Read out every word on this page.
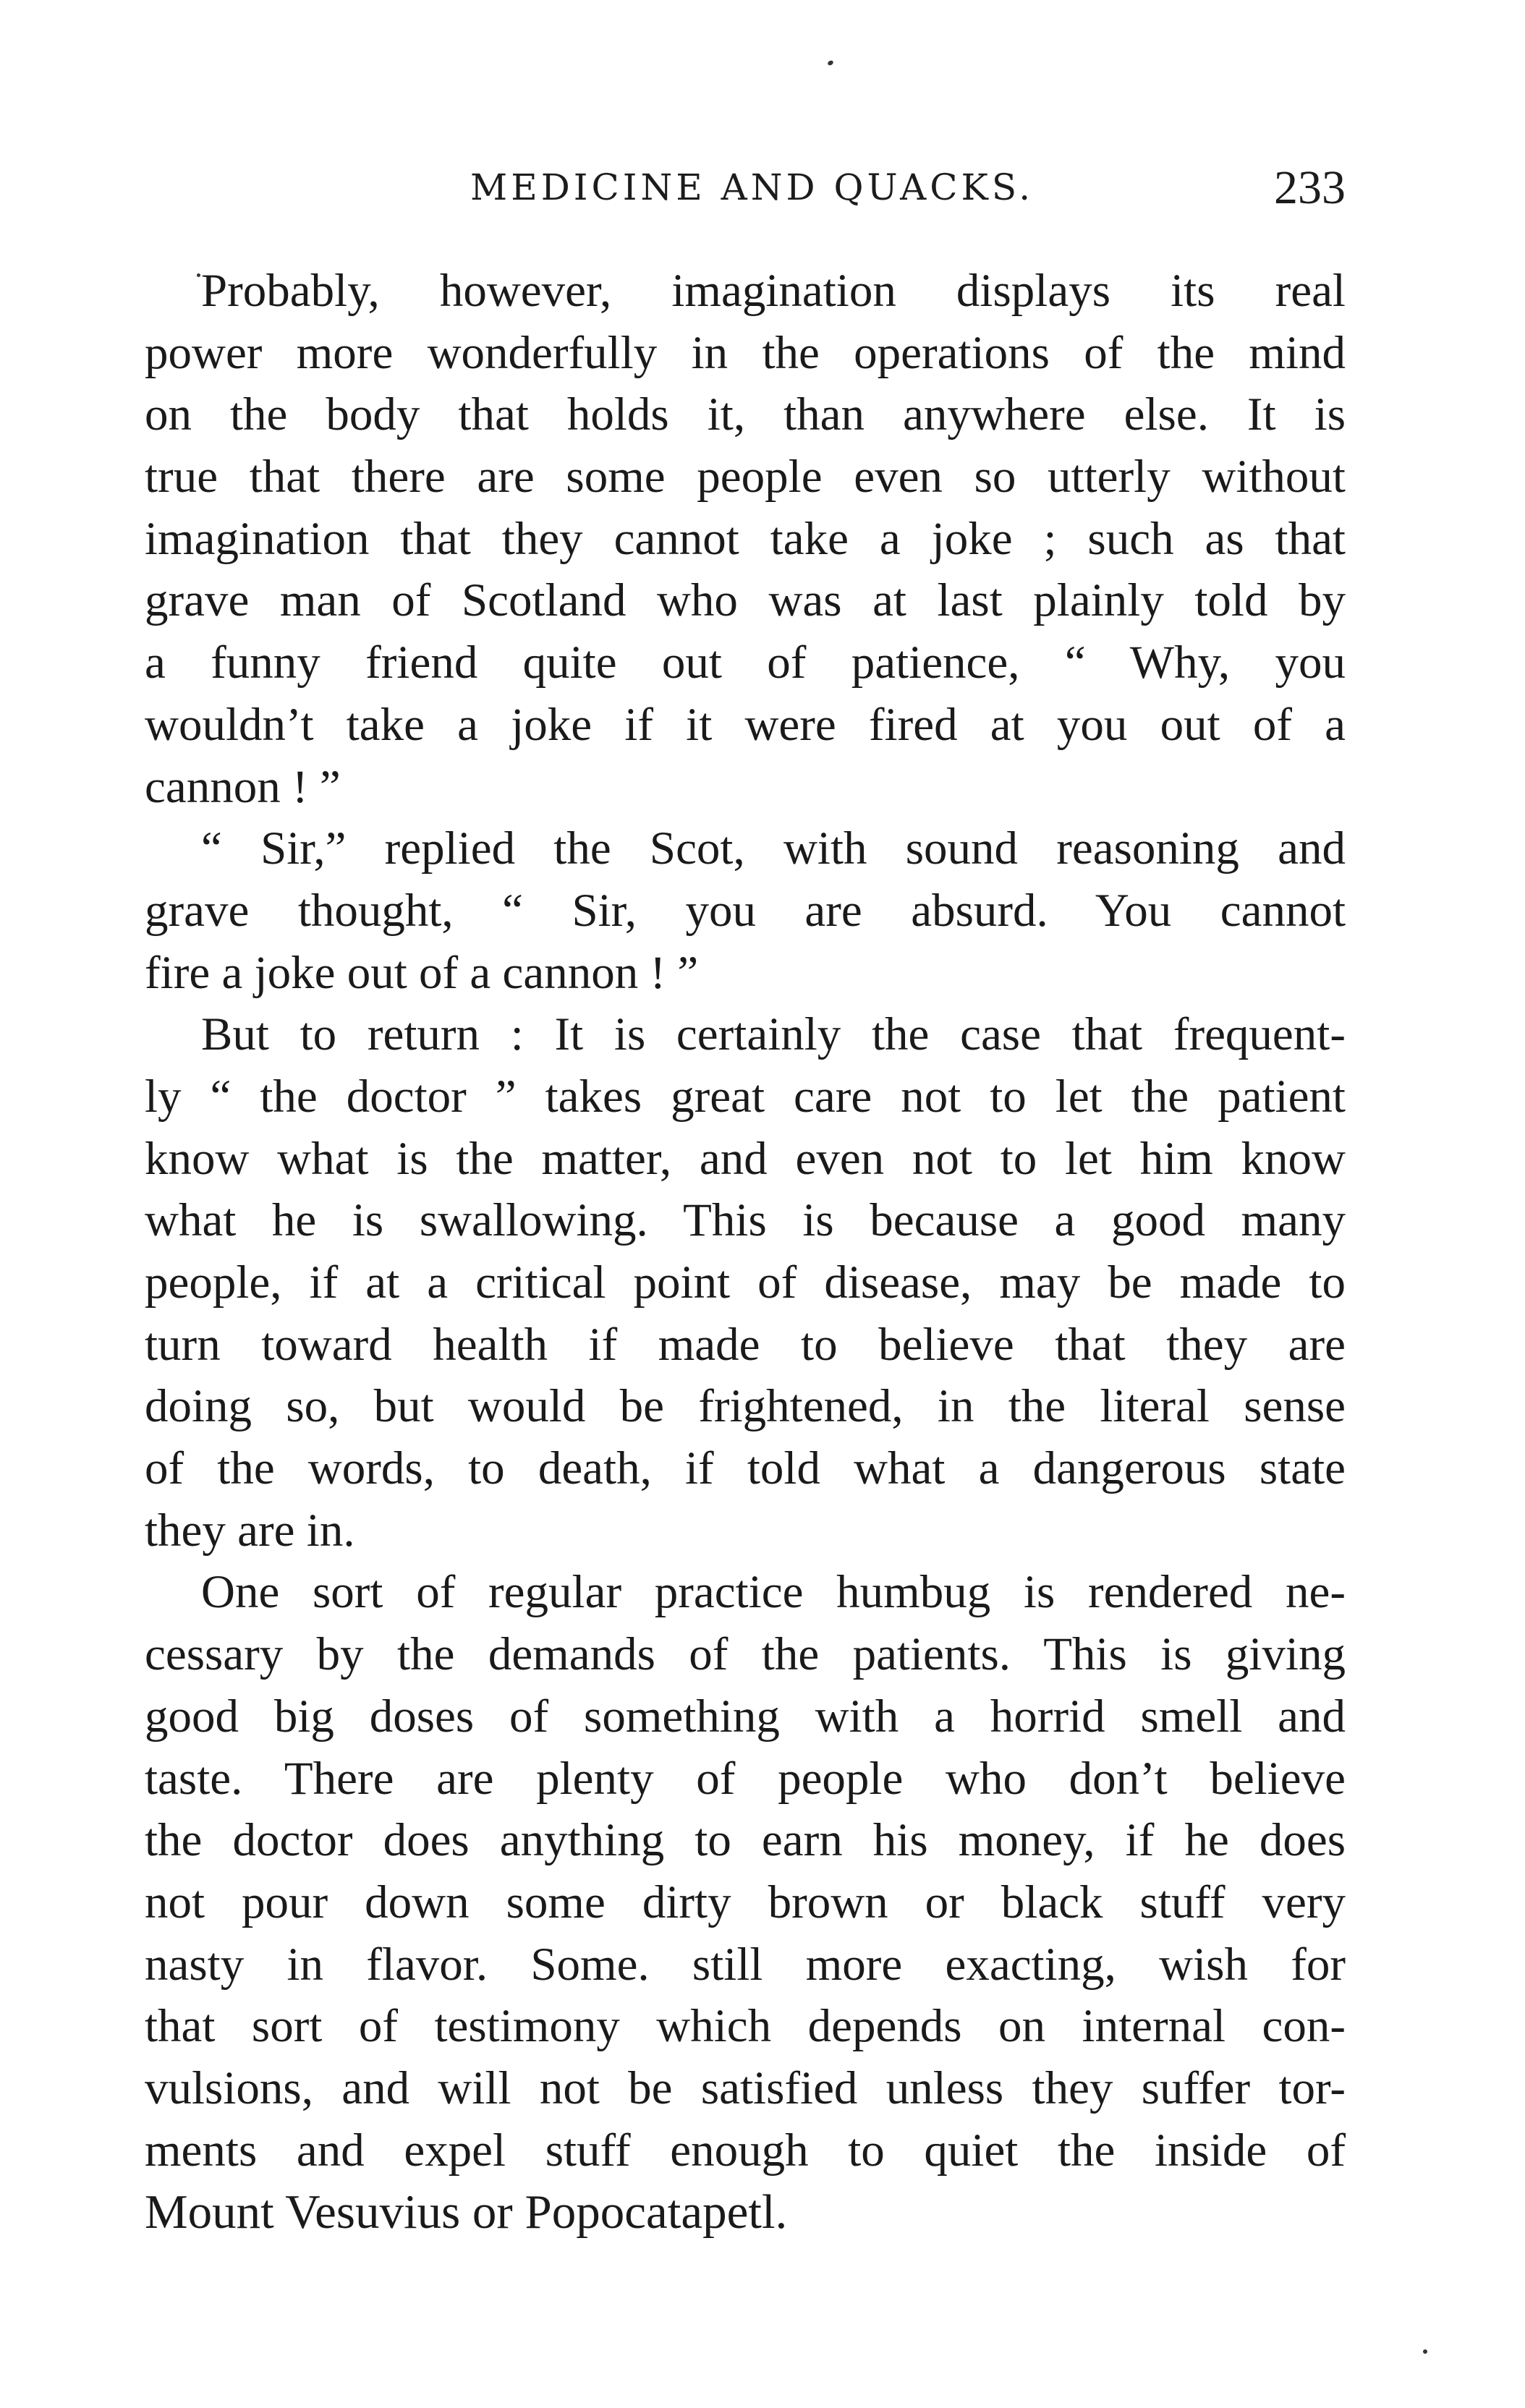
MEDICINE AND QUACKS.	233
Probably, however, imagination displays its real
power more wonderfully in the operations of the mind
on the body that holds it, than anywhere else. It is
true that there are some people even so utterly without
imagination that they cannot take a joke ; such as that
grave man of Scotland who was at last plainly told by
a funny friend quite out of patience, “ Why, you
wouldn’t take a joke if it were fired at you out of a
cannon ! ”
“ Sir,” replied the Scot, with sound reasoning and
grave thought, “ Sir, you are absurd. You cannot
fire a joke out of a cannon ! ”
But to return : It is certainly the case that frequent-
ly “ the doctor ” takes great care not to let the patient
know what is the matter, and even not to let him know
what he is swallowing. This is because a good many
people, if at a critical point of disease, may be made to
turn toward health if made to believe that they are
doing so, but would be frightened, in the literal sense
of the words, to death, if told what a dangerous state
they are in.
One sort of regular practice humbug is rendered ne-
cessary by the demands of the patients. This is giving
good big doses of something with a horrid smell and
taste. There are plenty of people who don’t believe
the doctor does anything to earn his money, if he does
not pour down some dirty brown or black stuff very
nasty in flavor. Some. still more exacting, wish for
that sort of testimony which depends on internal con-
vulsions, and will not be satisfied unless they suffer tor-
ments and expel stuff enough to quiet the inside of
Mount Vesuvius or Popocatapetl.
